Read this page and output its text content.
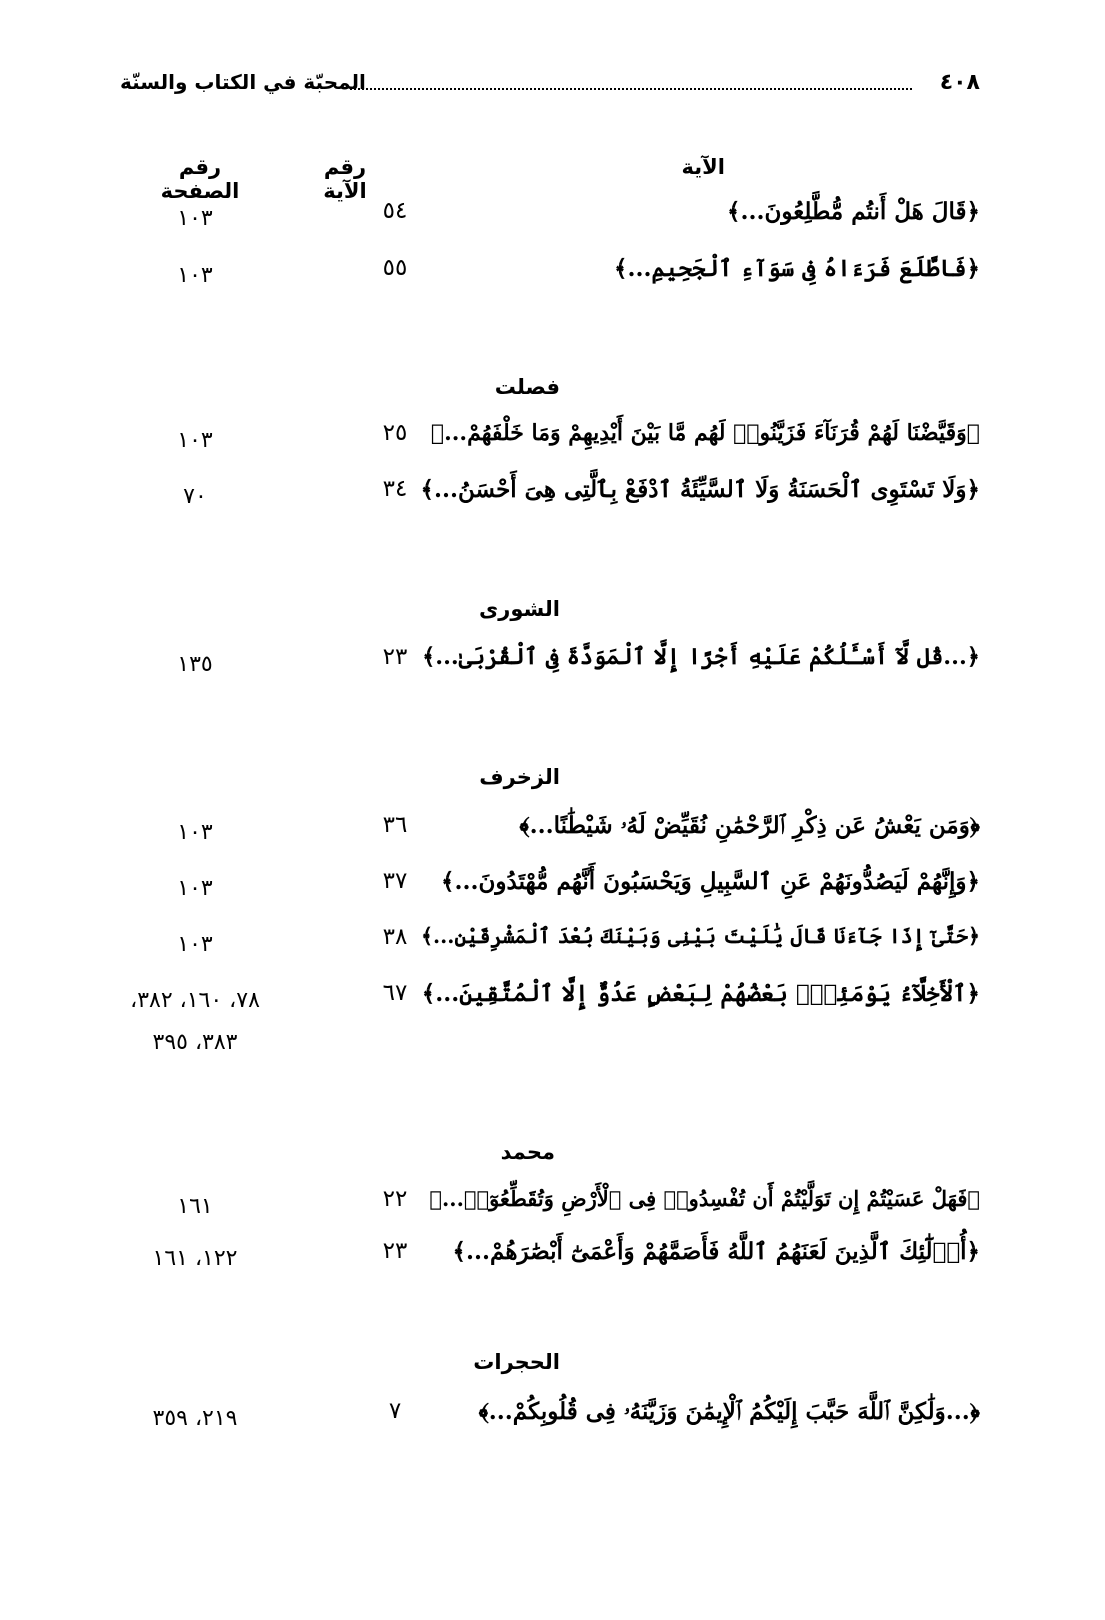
٤٠٨
المحبّة في الكتاب والسنّة
الآية
رقم الآية
رقم الصفحة
﴿قَالَ هَلْ أَنتُم مُّطَّلِعُونَ...﴾
٥٤
١٠٣
﴿فَاطَّلَعَ فَرَءَاهُ فِى سَوَآءِ ٱلْجَحِيمِ...﴾
٥٥
١٠٣
فصلت
﴿وَقَيَّضْنَا لَهُمْ قُرَنَآءَ فَزَيَّنُوا۟ لَهُم مَّا بَيْنَ أَيْدِيهِمْ وَمَا خَلْفَهُمْ...﴾
٢٥
١٠٣
﴿وَلَا تَسْتَوِى ٱلْحَسَنَةُ وَلَا ٱلسَّيِّئَةُ ٱدْفَعْ بِٱلَّتِى هِىَ أَحْسَنُ...﴾
٣٤
٧٠
الشورى
﴿...قُل لَّآ أَسْـَٔلُكُمْ عَلَيْهِ أَجْرًا إِلَّا ٱلْمَوَدَّةَ فِى ٱلْقُرْبَىٰ...﴾
٢٣
١٣٥
الزخرف
﴿وَمَن يَعْشُ عَن ذِكْرِ ٱلرَّحْمَٰنِ نُقَيِّضْ لَهُۥ شَيْطَٰنًا...﴾
٣٦
١٠٣
﴿وَإِنَّهُمْ لَيَصُدُّونَهُمْ عَنِ ٱلسَّبِيلِ وَيَحْسَبُونَ أَنَّهُم مُّهْتَدُونَ...﴾
٣٧
١٠٣
﴿حَتَّىٰٓ إِذَا جَآءَنَا قَالَ يَٰلَيْتَ بَيْنِى وَبَيْنَكَ بُعْدَ ٱلْمَشْرِقَيْنِ...﴾
٣٨
١٠٣
﴿ٱلْأَخِلَّآءُ يَوْمَئِذٍۭ بَعْضُهُمْ لِبَعْضٍ عَدُوٌّ إِلَّا ٱلْمُتَّقِينَ...﴾
٦٧
٧٨، ١٦٠، ٣٨٢،
٣٨٣، ٣٩٥
محمد
﴿فَهَلْ عَسَيْتُمْ إِن تَوَلَّيْتُمْ أَن تُفْسِدُوا۟ فِى ٱلْأَرْضِ وَتُقَطِّعُوٓا۟...﴾
٢٢
١٦١
﴿أُو۟لَٰٓئِكَ ٱلَّذِينَ لَعَنَهُمُ ٱللَّهُ فَأَصَمَّهُمْ وَأَعْمَىٰٓ أَبْصَٰرَهُمْ...﴾
٢٣
١٢٢، ١٦١
الحجرات
﴿...وَلَٰكِنَّ ٱللَّهَ حَبَّبَ إِلَيْكُمُ ٱلْإِيمَٰنَ وَزَيَّنَهُۥ فِى قُلُوبِكُمْ...﴾
٧
٢١٩، ٣٥٩
